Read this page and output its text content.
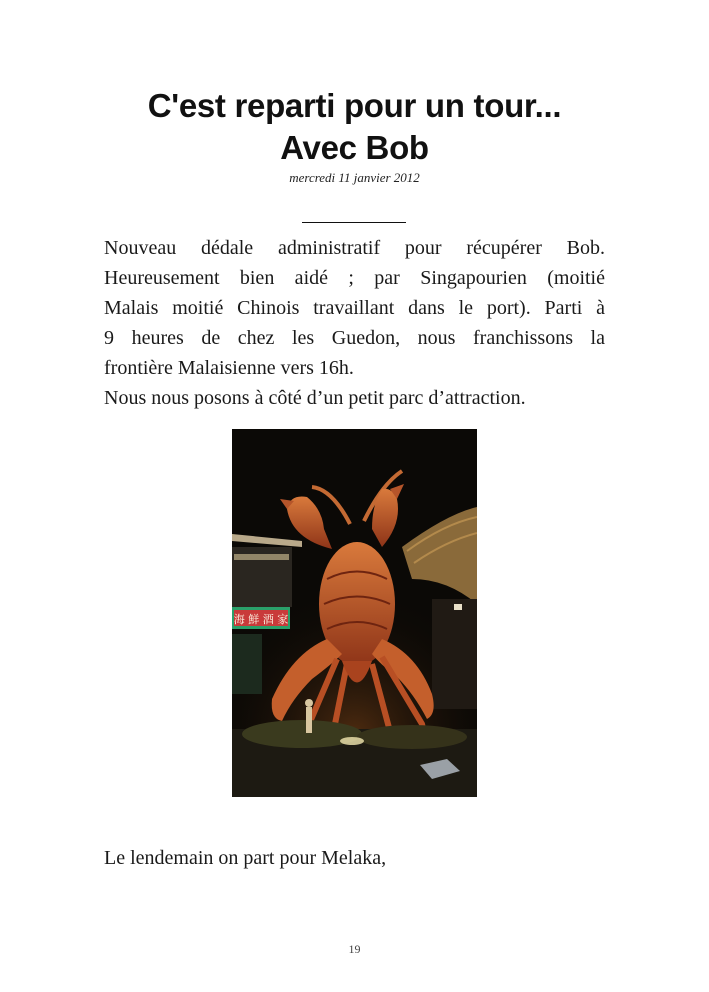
C'est reparti pour un tour...
Avec Bob
mercredi 11 janvier 2012
Nouveau dédale administratif pour récupérer Bob.
Heureusement bien aidé ; par Singapourien (moitié
Malais moitié Chinois travaillant dans le port). Parti à
9 heures de chez les Guedon, nous franchissons la
frontière Malaisienne vers 16h.
Nous nous posons à côté d’un petit parc d’attraction.
海 鮮 酒 家
Le lendemain on part pour Melaka,
19
